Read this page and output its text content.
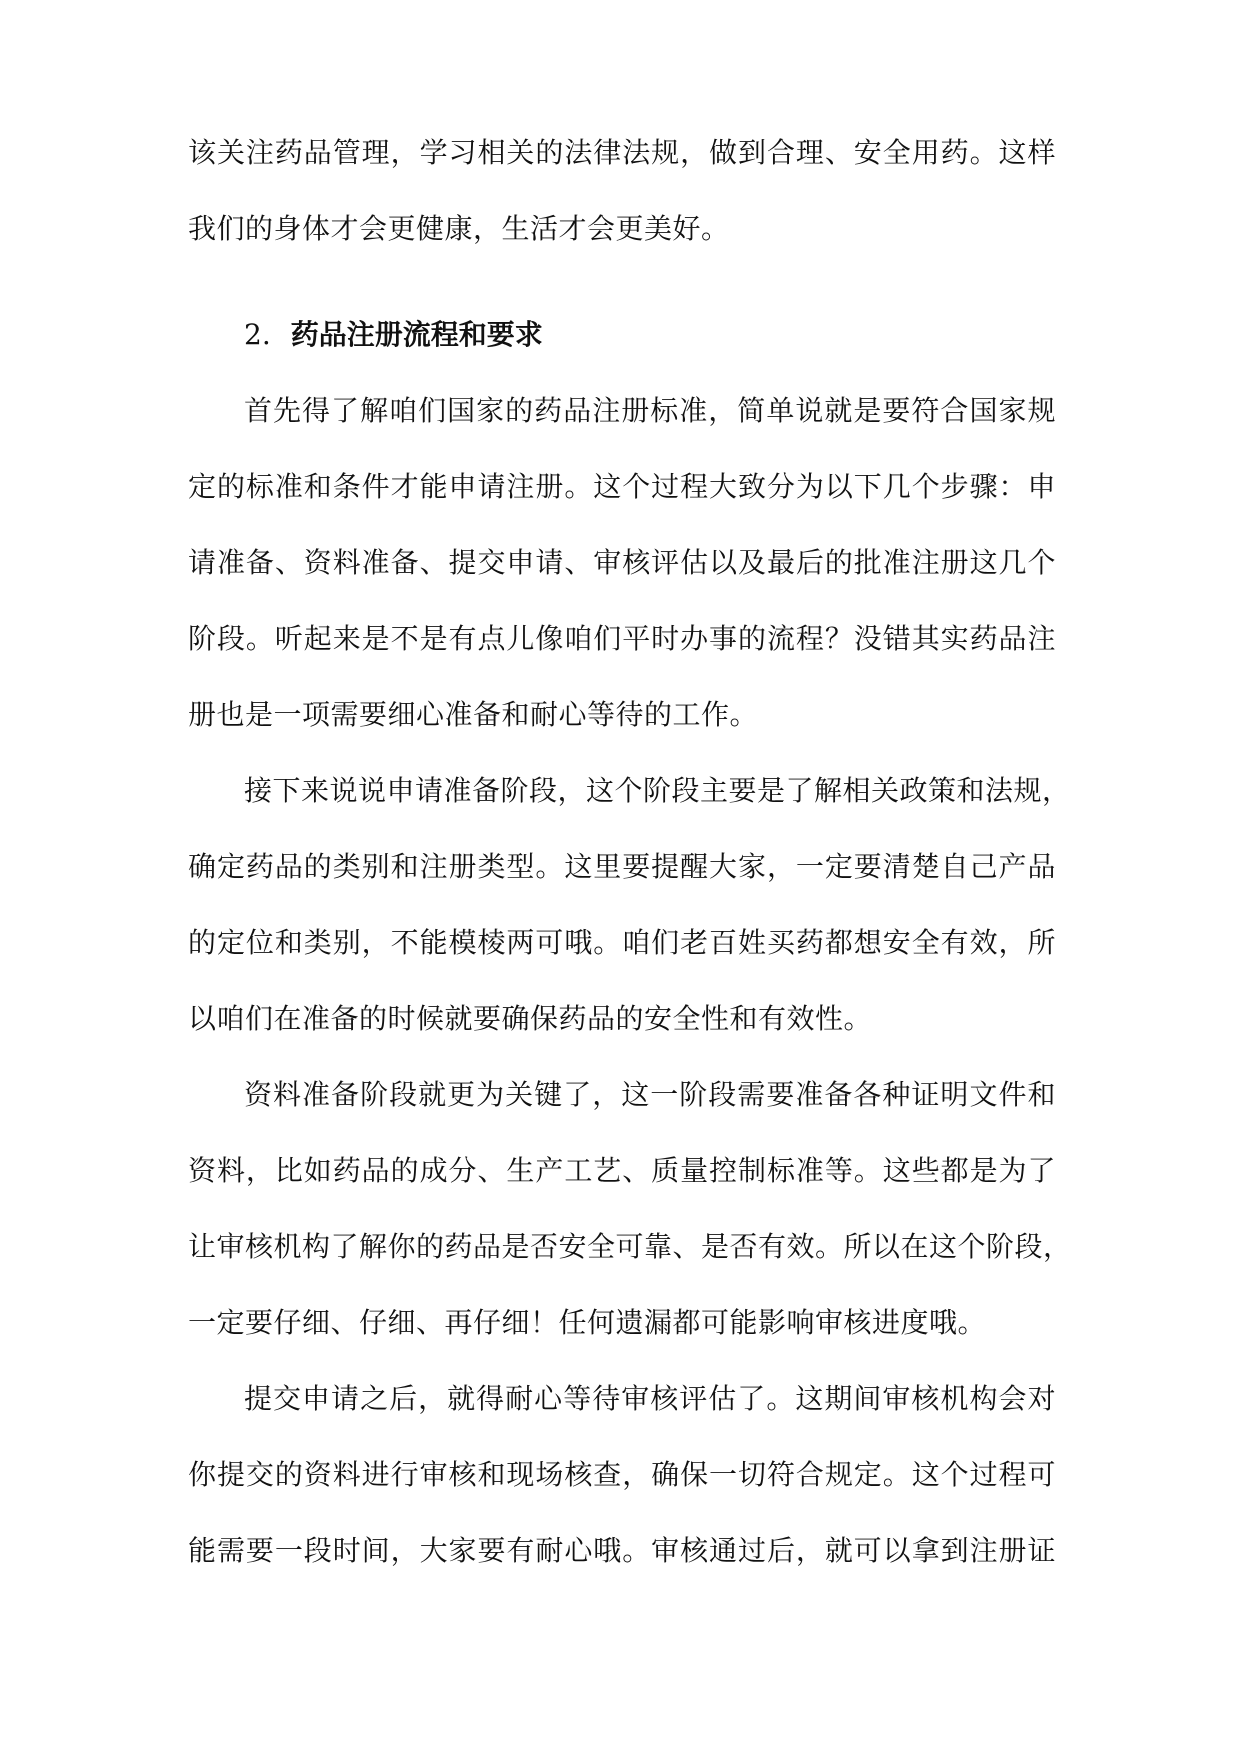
该关注药品管理，学习相关的法律法规，做到合理、安全用药。这样
我们的身体才会更健康，生活才会更美好。
2. 药品注册流程和要求
首先得了解咱们国家的药品注册标准，简单说就是要符合国家规
定的标准和条件才能申请注册。这个过程大致分为以下几个步骤：申
请准备、资料准备、提交申请、审核评估以及最后的批准注册这几个
阶段。听起来是不是有点儿像咱们平时办事的流程？没错其实药品注
册也是一项需要细心准备和耐心等待的工作。
接下来说说申请准备阶段，这个阶段主要是了解相关政策和法规，
确定药品的类别和注册类型。这里要提醒大家，一定要清楚自己产品
的定位和类别，不能模棱两可哦。咱们老百姓买药都想安全有效，所
以咱们在准备的时候就要确保药品的安全性和有效性。
资料准备阶段就更为关键了，这一阶段需要准备各种证明文件和
资料，比如药品的成分、生产工艺、质量控制标准等。这些都是为了
让审核机构了解你的药品是否安全可靠、是否有效。所以在这个阶段，
一定要仔细、仔细、再仔细！任何遗漏都可能影响审核进度哦。
提交申请之后，就得耐心等待审核评估了。这期间审核机构会对
你提交的资料进行审核和现场核查，确保一切符合规定。这个过程可
能需要一段时间，大家要有耐心哦。审核通过后，就可以拿到注册证
